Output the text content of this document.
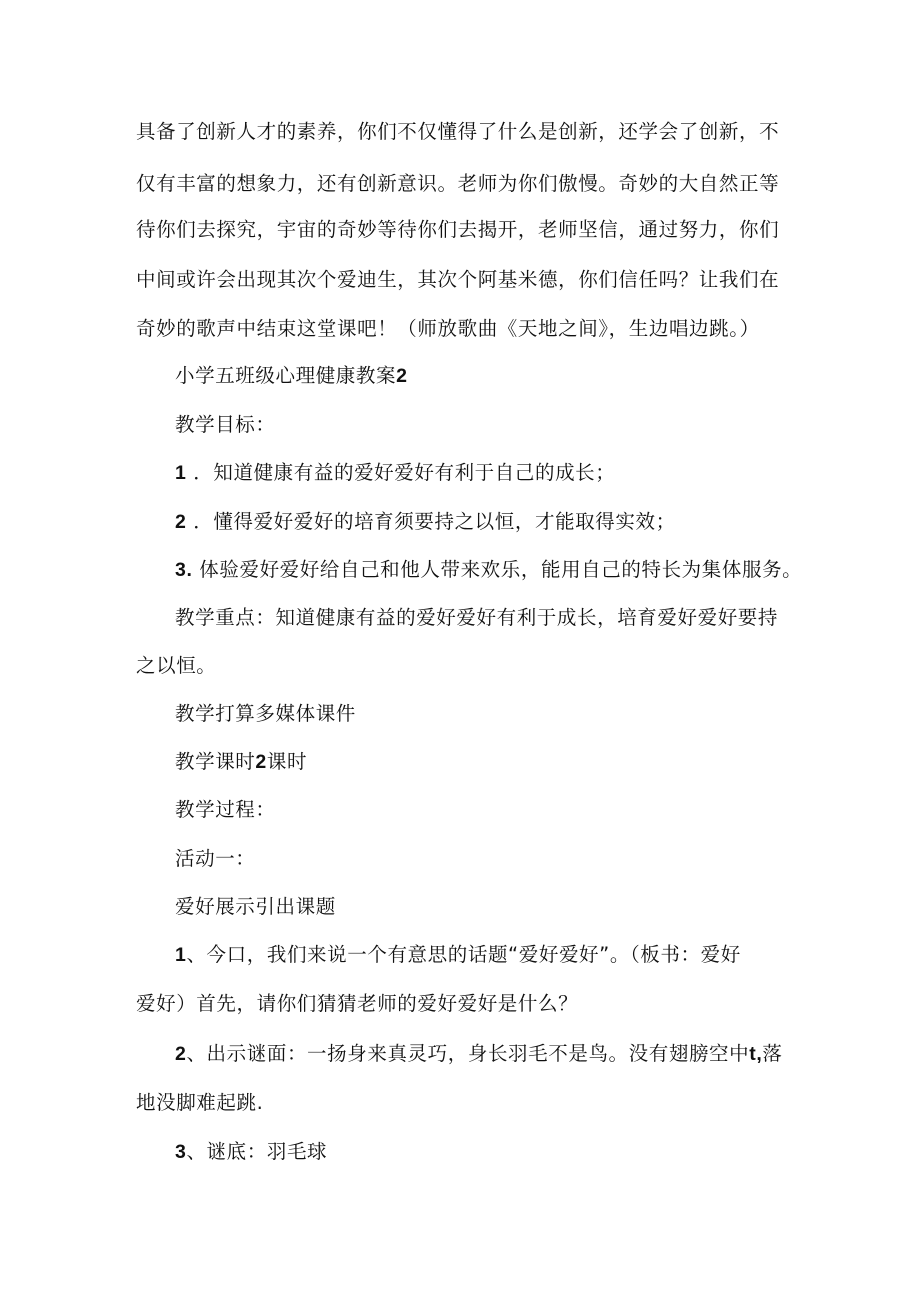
具备了创新人才的素养，你们不仅懂得了什么是创新，还学会了创新，不
仅有丰富的想象力，还有创新意识。老师为你们傲慢。奇妙的大自然正等
待你们去探究，宇宙的奇妙等待你们去揭开，老师坚信，通过努力，你们
中间或许会出现其次个爱迪生，其次个阿基米德，你们信任吗？让我们在
奇妙的歌声中结束这堂课吧！（师放歌曲《天地之间》，生边唱边跳。）
小学五班级心理健康教案2
教学目标：
1 ．知道健康有益的爱好爱好有利于自己的成长；
2 ．懂得爱好爱好的培育须要持之以恒，才能取得实效；
3. 体验爱好爱好给自己和他人带来欢乐，能用自己的特长为集体服务。
教学重点：知道健康有益的爱好爱好有利于成长，培育爱好爱好要持
之以恒。
教学打算多媒体课件
教学课时2课时
教学过程：
活动一：
爱好展示引出课题
1、今口，我们来说一个有意思的话题“爱好爱好”。（板书：爱好
爱好）首先，请你们猜猜老师的爱好爱好是什么？
2、出示谜面：一扬身来真灵巧，身长羽毛不是鸟。没有翅膀空中t,落
地没脚难起跳.
3、谜底：羽毛球
